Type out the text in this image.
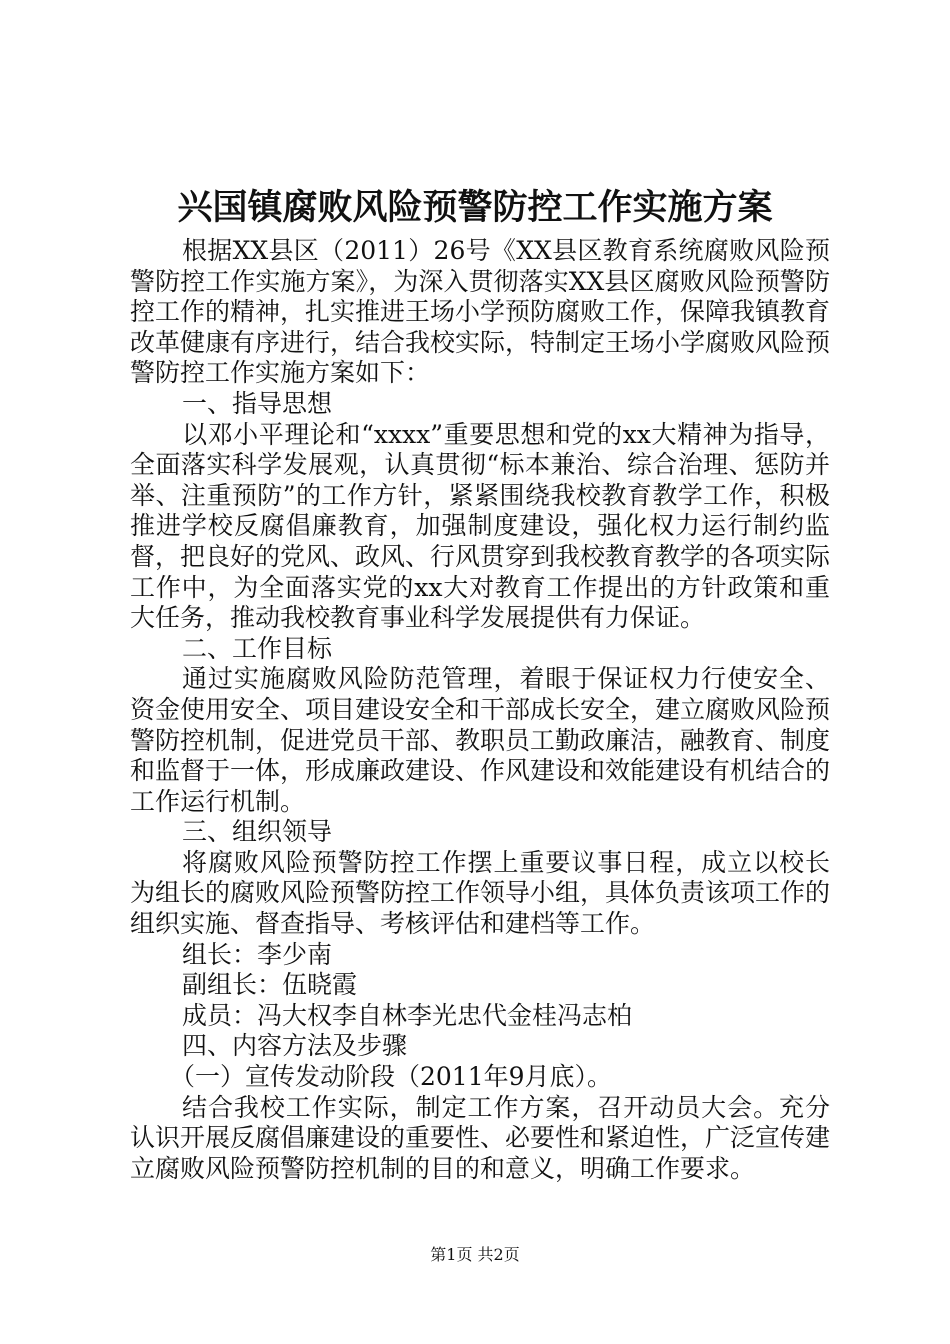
兴国镇腐败风险预警防控工作实施方案

根据XX县区（2011）26号《XX县区教育系统腐败风险预警防控工作实施方案》，为深入贯彻落实XX县区腐败风险预警防控工作的精神，扎实推进王场小学预防腐败工作，保障我镇教育改革健康有序进行，结合我校实际，特制定王场小学腐败风险预警防控工作实施方案如下：

一、指导思想

以邓小平理论和“xxxx”重要思想和党的xx大精神为指导，全面落实科学发展观，认真贯彻“标本兼治、综合治理、惩防并举、注重预防”的工作方针，紧紧围绕我校教育教学工作，积极推进学校反腐倡廉教育，加强制度建设，强化权力运行制约监督，把良好的党风、政风、行风贯穿到我校教育教学的各项实际工作中，为全面落实党的xx大对教育工作提出的方针政策和重大任务，推动我校教育事业科学发展提供有力保证。

二、工作目标

通过实施腐败风险防范管理，着眼于保证权力行使安全、资金使用安全、项目建设安全和干部成长安全，建立腐败风险预警防控机制，促进党员干部、教职员工勤政廉洁，融教育、制度和监督于一体，形成廉政建设、作风建设和效能建设有机结合的工作运行机制。

三、组织领导

将腐败风险预警防控工作摆上重要议事日程，成立以校长为组长的腐败风险预警防控工作领导小组，具体负责该项工作的组织实施、督查指导、考核评估和建档等工作。

组长：李少南

副组长：伍晓霞

成员：冯大权李自林李光忠代金桂冯志柏

四、内容方法及步骤

（一）宣传发动阶段（2011年9月底）。

结合我校工作实际，制定工作方案，召开动员大会。充分认识开展反腐倡廉建设的重要性、必要性和紧迫性，广泛宣传建立腐败风险预警防控机制的目的和意义，明确工作要求。

第1页 共2页
